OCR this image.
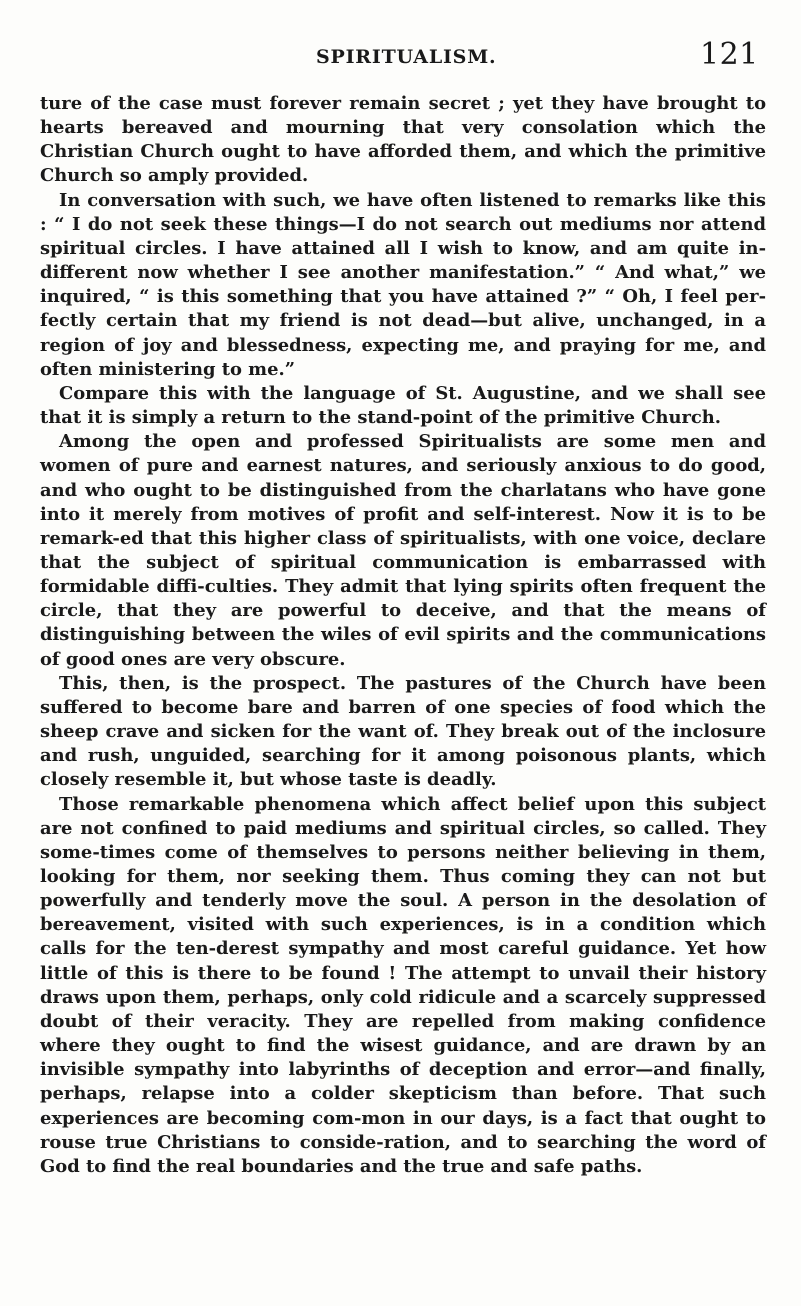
SPIRITUALISM.	121

ture of the case must forever remain secret ; yet they have brought to hearts bereaved and mourning that very consolation which the Christian Church ought to have afforded them, and which the primitive Church so amply provided.

In conversation with such, we have often listened to remarks like this : “ I do not seek these things—I do not search out mediums nor attend spiritual circles. I have attained all I wish to know, and am quite in-different now whether I see another manifestation.” “ And what,” we inquired, “ is this something that you have attained ?” “ Oh, I feel per-fectly certain that my friend is not dead—but alive, unchanged, in a region of joy and blessedness, expecting me, and praying for me, and often ministering to me.”

Compare this with the language of St. Augustine, and we shall see that it is simply a return to the stand-point of the primitive Church.

Among the open and professed Spiritualists are some men and women of pure and earnest natures, and seriously anxious to do good, and who ought to be distinguished from the charlatans who have gone into it merely from motives of profit and self-interest. Now it is to be remark-ed that this higher class of spiritualists, with one voice, declare that the subject of spiritual communication is embarrassed with formidable diffi-culties. They admit that lying spirits often frequent the circle, that they are powerful to deceive, and that the means of distinguishing between the wiles of evil spirits and the communications of good ones are very obscure.

This, then, is the prospect. The pastures of the Church have been suffered to become bare and barren of one species of food which the sheep crave and sicken for the want of. They break out of the inclosure and rush, unguided, searching for it among poisonous plants, which closely resemble it, but whose taste is deadly.

Those remarkable phenomena which affect belief upon this subject are not confined to paid mediums and spiritual circles, so called. They some-times come of themselves to persons neither believing in them, looking for them, nor seeking them. Thus coming they can not but powerfully and tenderly move the soul. A person in the desolation of bereavement, visited with such experiences, is in a condition which calls for the ten-derest sympathy and most careful guidance. Yet how little of this is there to be found ! The attempt to unvail their history draws upon them, perhaps, only cold ridicule and a scarcely suppressed doubt of their veracity. They are repelled from making confidence where they ought to find the wisest guidance, and are drawn by an invisible sympathy into labyrinths of deception and error—and finally, perhaps, relapse into a colder skepticism than before. That such experiences are becoming com-mon in our days, is a fact that ought to rouse true Christians to conside-ration, and to searching the word of God to find the real boundaries and the true and safe paths.
